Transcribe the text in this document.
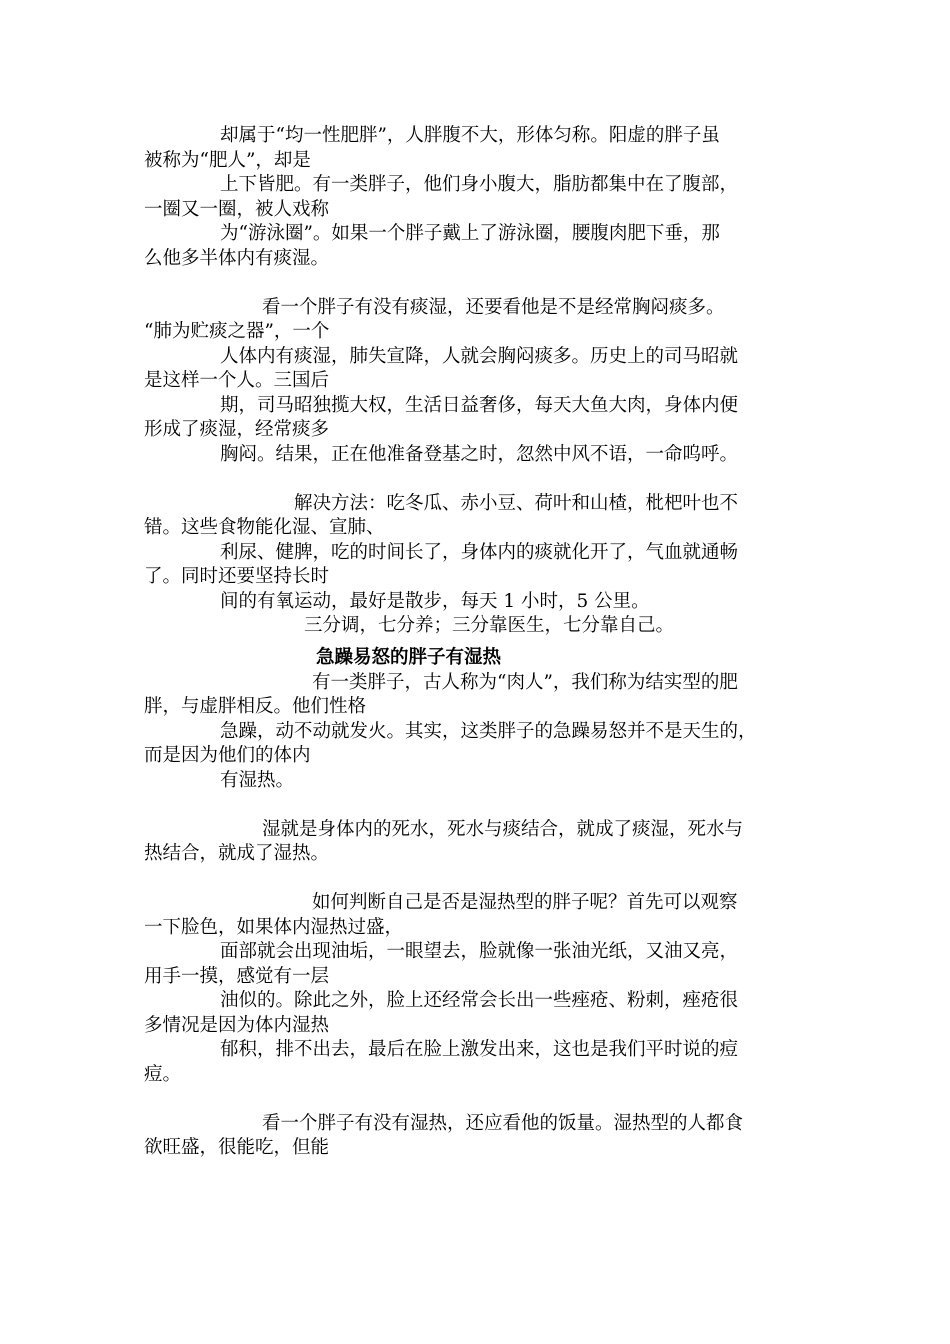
却属于“均一性肥胖”，人胖腹不大，形体匀称。阳虚的胖子虽
被称为“肥人”，却是
上下皆肥。有一类胖子，他们身小腹大，脂肪都集中在了腹部，
一圈又一圈，被人戏称
为“游泳圈”。如果一个胖子戴上了游泳圈，腰腹肉肥下垂，那
么他多半体内有痰湿。
看一个胖子有没有痰湿，还要看他是不是经常胸闷痰多。
“肺为贮痰之器”，一个
人体内有痰湿，肺失宣降，人就会胸闷痰多。历史上的司马昭就
是这样一个人。三国后
期，司马昭独揽大权，生活日益奢侈，每天大鱼大肉，身体内便
形成了痰湿，经常痰多
胸闷。结果，正在他准备登基之时，忽然中风不语，一命呜呼。
解决方法：吃冬瓜、赤小豆、荷叶和山楂，枇杷叶也不
错。这些食物能化湿、宣肺、
利尿、健脾，吃的时间长了，身体内的痰就化开了，气血就通畅
了。同时还要坚持长时
间的有氧运动，最好是散步，每天 1 小时，5 公里。
三分调，七分养；三分靠医生，七分靠自己。
急躁易怒的胖子有湿热
有一类胖子，古人称为“肉人”，我们称为结实型的肥
胖，与虚胖相反。他们性格
急躁，动不动就发火。其实，这类胖子的急躁易怒并不是天生的，
而是因为他们的体内
有湿热。
湿就是身体内的死水，死水与痰结合，就成了痰湿，死水与
热结合，就成了湿热。
如何判断自己是否是湿热型的胖子呢？首先可以观察
一下脸色，如果体内湿热过盛，
面部就会出现油垢，一眼望去，脸就像一张油光纸，又油又亮，
用手一摸，感觉有一层
油似的。除此之外，脸上还经常会长出一些痤疮、粉刺，痤疮很
多情况是因为体内湿热
郁积，排不出去，最后在脸上激发出来，这也是我们平时说的痘
痘。
看一个胖子有没有湿热，还应看他的饭量。湿热型的人都食
欲旺盛，很能吃，但能
